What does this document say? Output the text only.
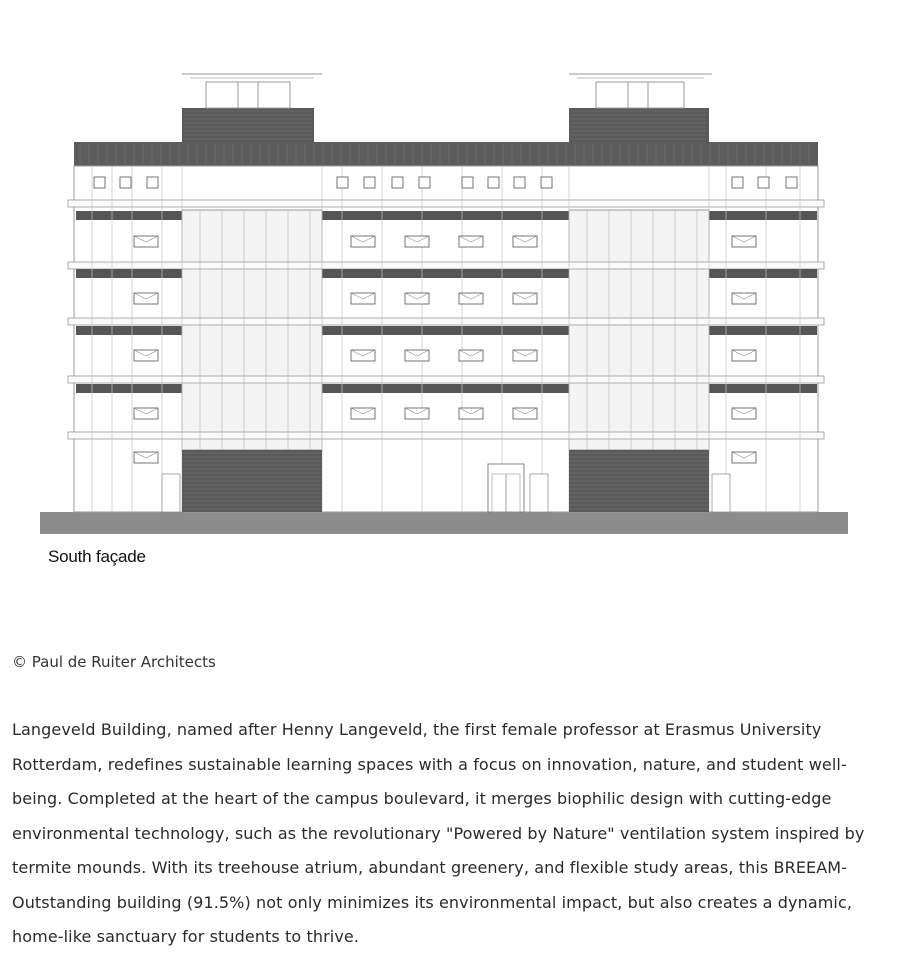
South façade
© Paul de Ruiter Architects

Langeveld Building, named after Henny Langeveld, the first female professor at Erasmus University Rotterdam, redefines sustainable learning spaces with a focus on innovation, nature, and student well-being. Completed at the heart of the campus boulevard, it merges biophilic design with cutting-edge environmental technology, such as the revolutionary "Powered by Nature" ventilation system inspired by termite mounds. With its treehouse atrium, abundant greenery, and flexible study areas, this BREEAM-Outstanding building (91.5%) not only minimizes its environmental impact, but also creates a dynamic, home-like sanctuary for students to thrive.
